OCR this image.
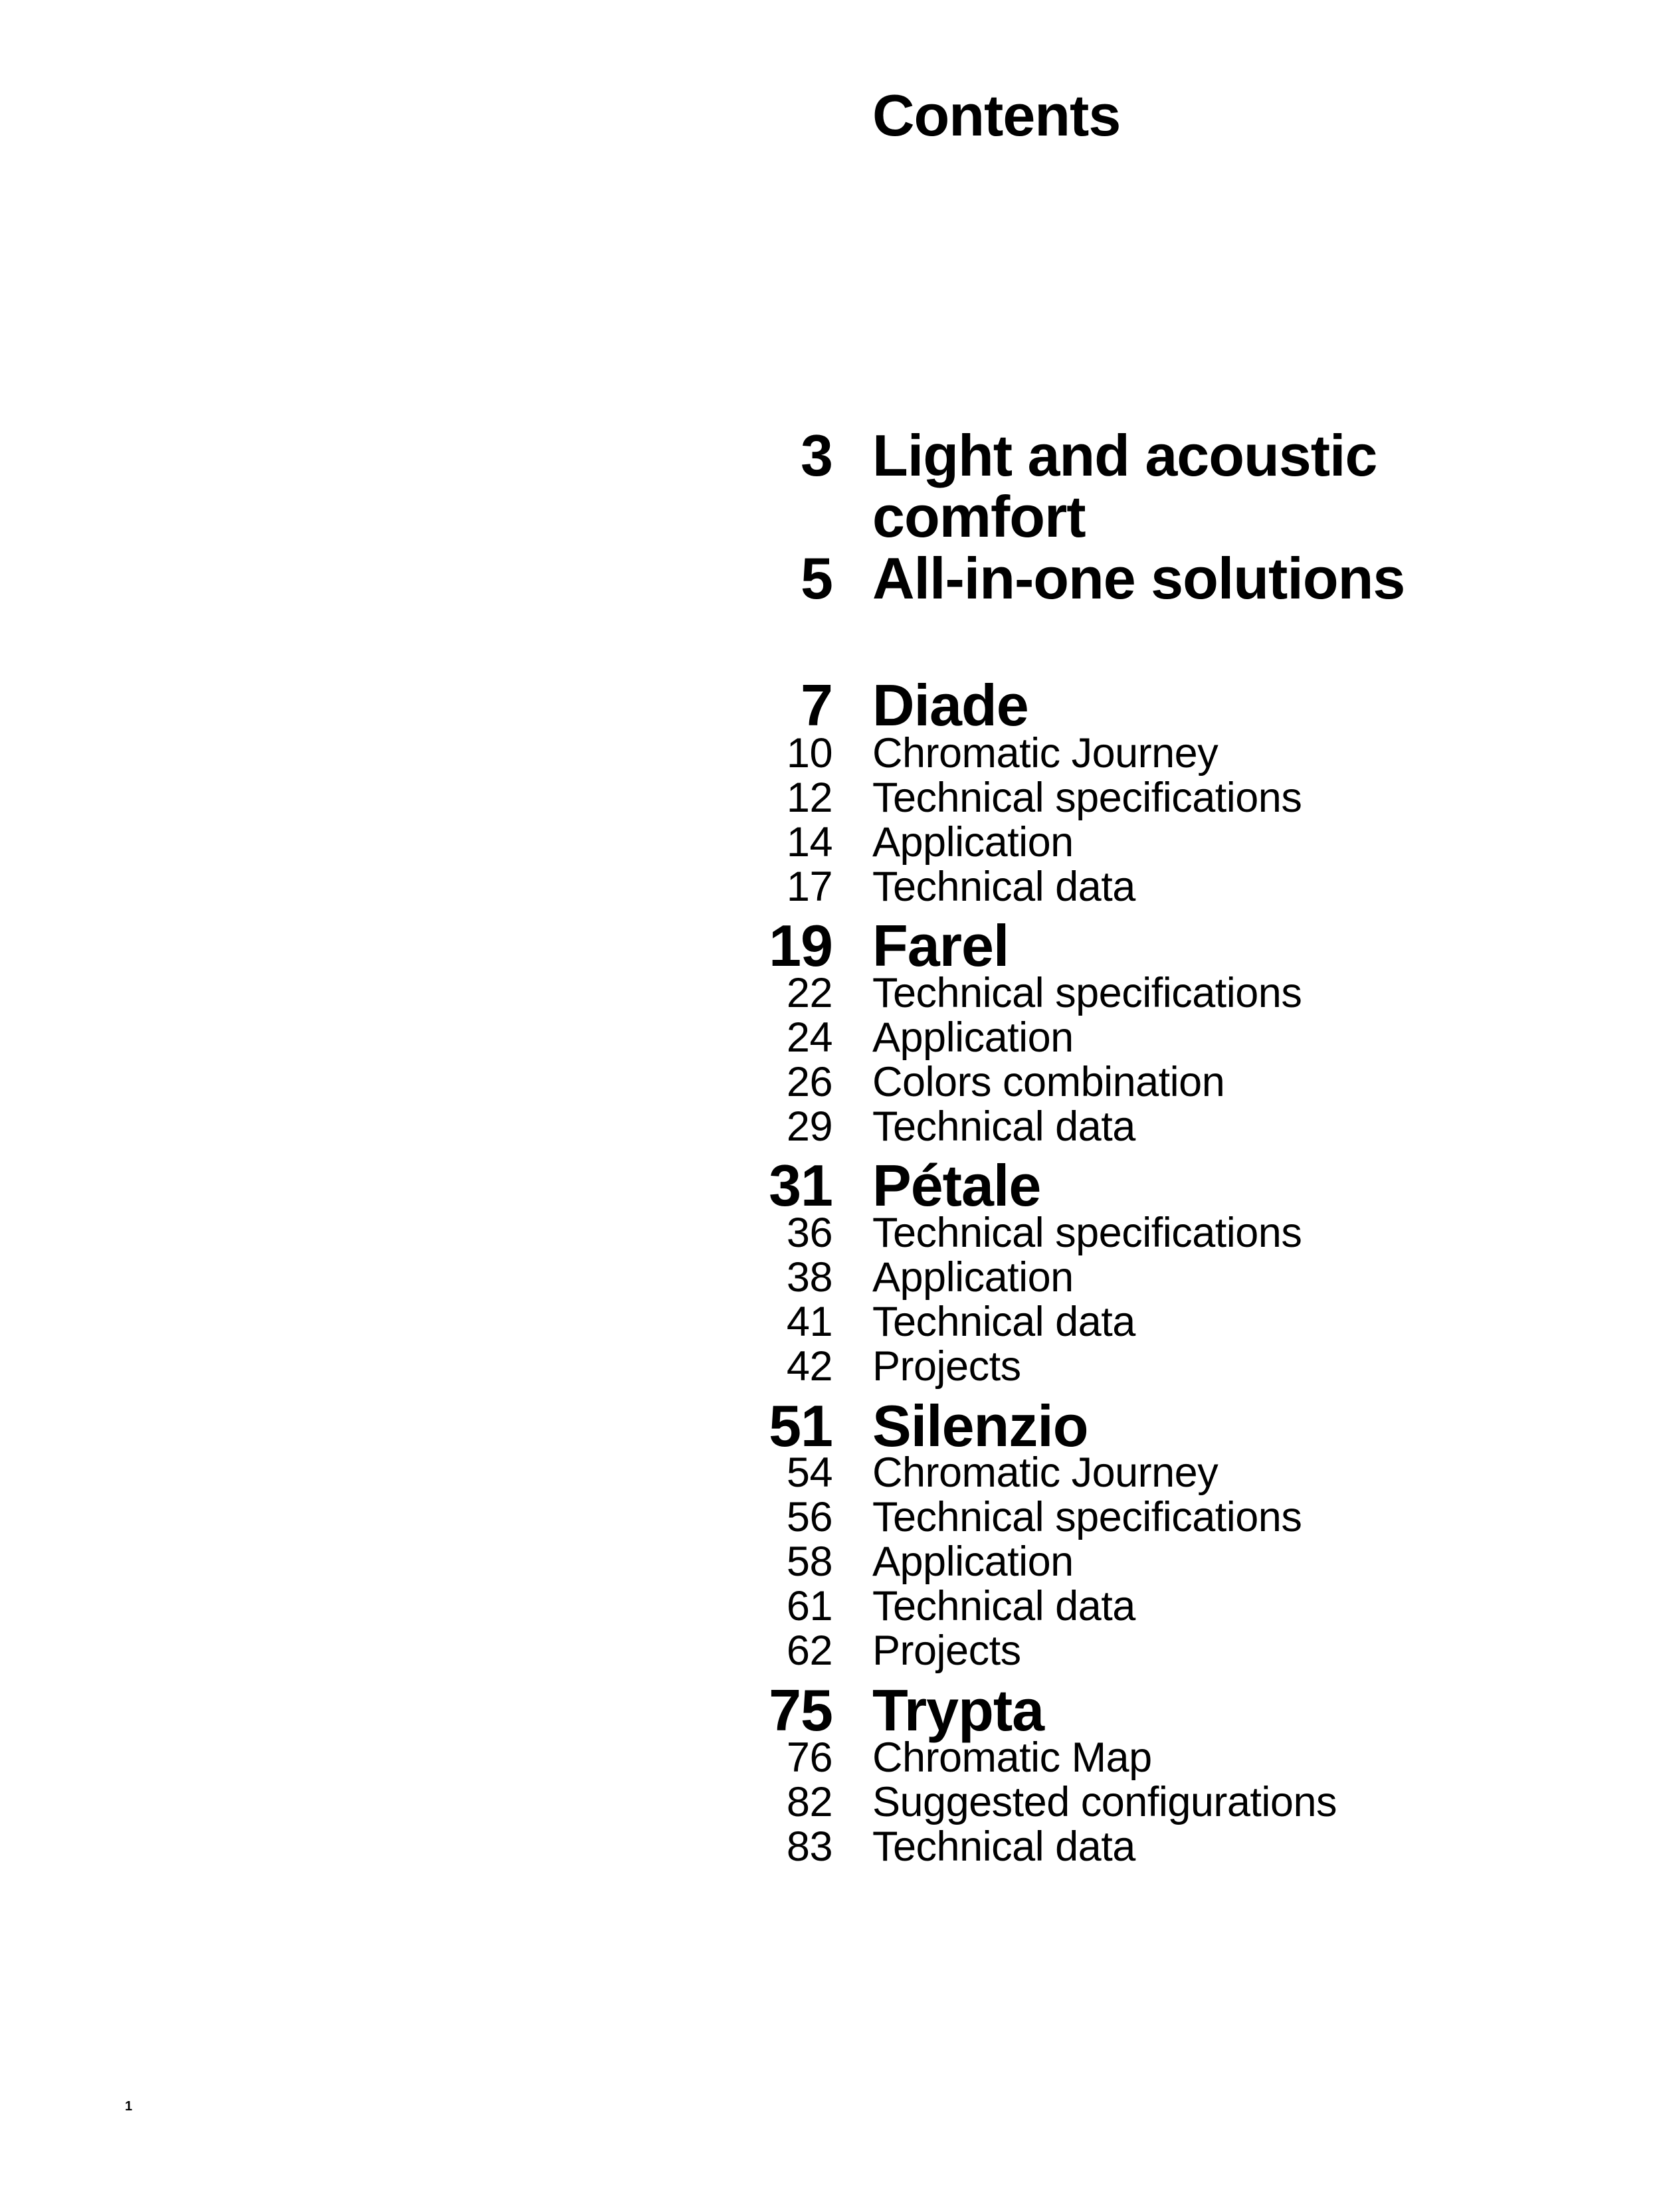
Contents
3 Light and acoustic comfort
5 All-in-one solutions
7 Diade
10 Chromatic Journey
12 Technical specifications
14 Application
17 Technical data
19 Farel
22 Technical specifications
24 Application
26 Colors combination
29 Technical data
31 Pétale
36 Technical specifications
38 Application
41 Technical data
42 Projects
51 Silenzio
54 Chromatic Journey
56 Technical specifications
58 Application
61 Technical data
62 Projects
75 Trypta
76 Chromatic Map
82 Suggested configurations
83 Technical data
1
